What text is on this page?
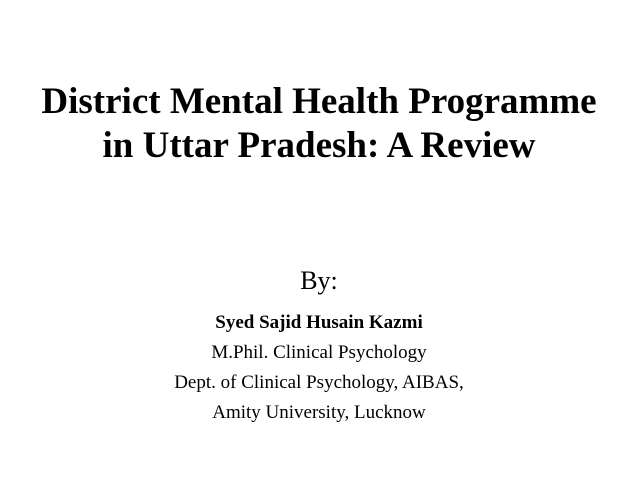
District Mental Health Programme
in Uttar Pradesh: A Review
By:
Syed Sajid Husain Kazmi
M.Phil. Clinical Psychology
Dept. of Clinical Psychology, AIBAS,
Amity University, Lucknow
